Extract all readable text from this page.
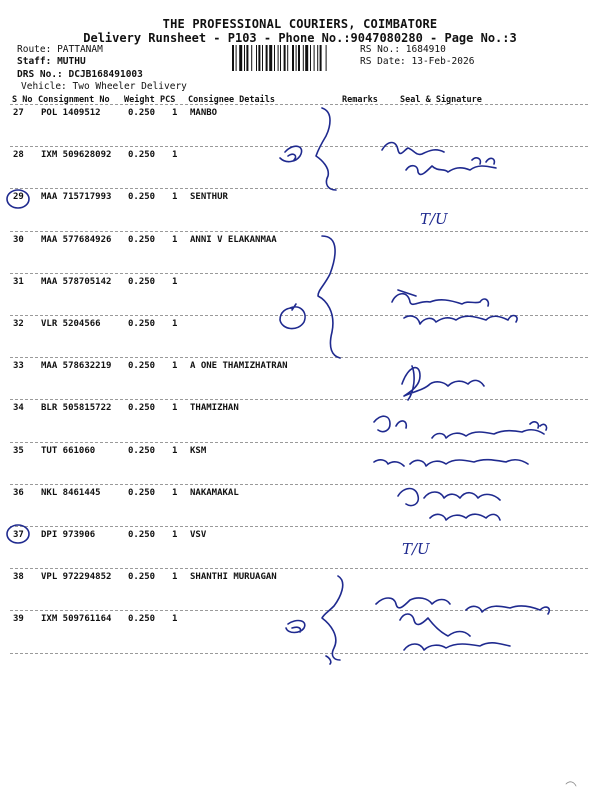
THE PROFESSIONAL COURIERS, COIMBATORE
Delivery Runsheet - P103 - Phone No.:9047080280 - Page No.:3
Route: PATTANAM
Staff: MUTHU
DRS No.: DCJB168491003
Vehicle: Two Wheeler Delivery
RS No.: 1684910
RS Date: 13-Feb-2026
S No Consignment No Weight PCS Consignee Details	Remarks	Seal & Signature
27 POL 1409512	0.250 1 MANBO
28 IXM 509628092 0.250 1
29 MAA 715717993 0.250 1 SENTHUR
30 MAA 577684926 0.250 1 ANNI V ELAKANMAA
31 MAA 578705142 0.250 1
32 VLR 5204566	0.250 1
33 MAA 578632219 0.250 1 A ONE THAMIZHATRAN
34 BLR 505815722 0.250 1 THAMIZHAN
35 TUT 661060	0.250 1 KSM
36 NKL 8461445	0.250 1 NAKAMAKAL
37 DPI 973906	0.250 1 VSV
38 VPL 972294852 0.250 1 SHANTHI MURUAGAN
39 IXM 509761164 0.250 1
T/U
T/U
